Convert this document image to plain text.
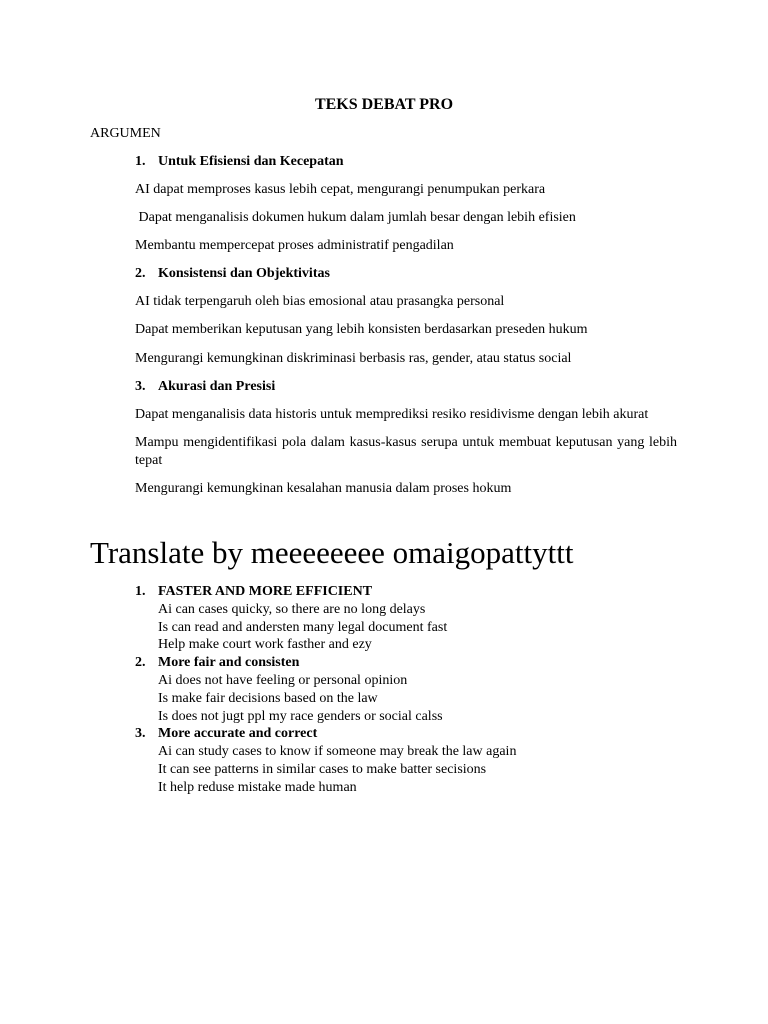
TEKS DEBAT PRO
ARGUMEN
1. Untuk Efisiensi dan Kecepatan
AI dapat memproses kasus lebih cepat, mengurangi penumpukan perkara
Dapat menganalisis dokumen hukum dalam jumlah besar dengan lebih efisien
Membantu mempercepat proses administratif pengadilan
2. Konsistensi dan Objektivitas
AI tidak terpengaruh oleh bias emosional atau prasangka personal
Dapat memberikan keputusan yang lebih konsisten berdasarkan preseden hukum
Mengurangi kemungkinan diskriminasi berbasis ras, gender, atau status social
3. Akurasi dan Presisi
Dapat menganalisis data historis untuk memprediksi resiko residivisme dengan lebih akurat
Mampu mengidentifikasi pola dalam kasus-kasus serupa untuk membuat keputusan yang lebih tepat
Mengurangi kemungkinan kesalahan manusia dalam proses hokum
Translate by meeeeeeee omaigopattyttt
1. FASTER AND MORE EFFICIENT
Ai can cases quicky, so there are no long delays
Is can read and andersten many legal document fast
Help make court work fasther and ezy
2. More fair and consisten
Ai does not have feeling or personal opinion
Is make fair decisions based on the law
Is does not jugt ppl my race genders or social calss
3. More accurate and correct
Ai can study cases to know if someone may break the law again
It can see patterns in similar cases to make batter secisions
It help reduse mistake made human
